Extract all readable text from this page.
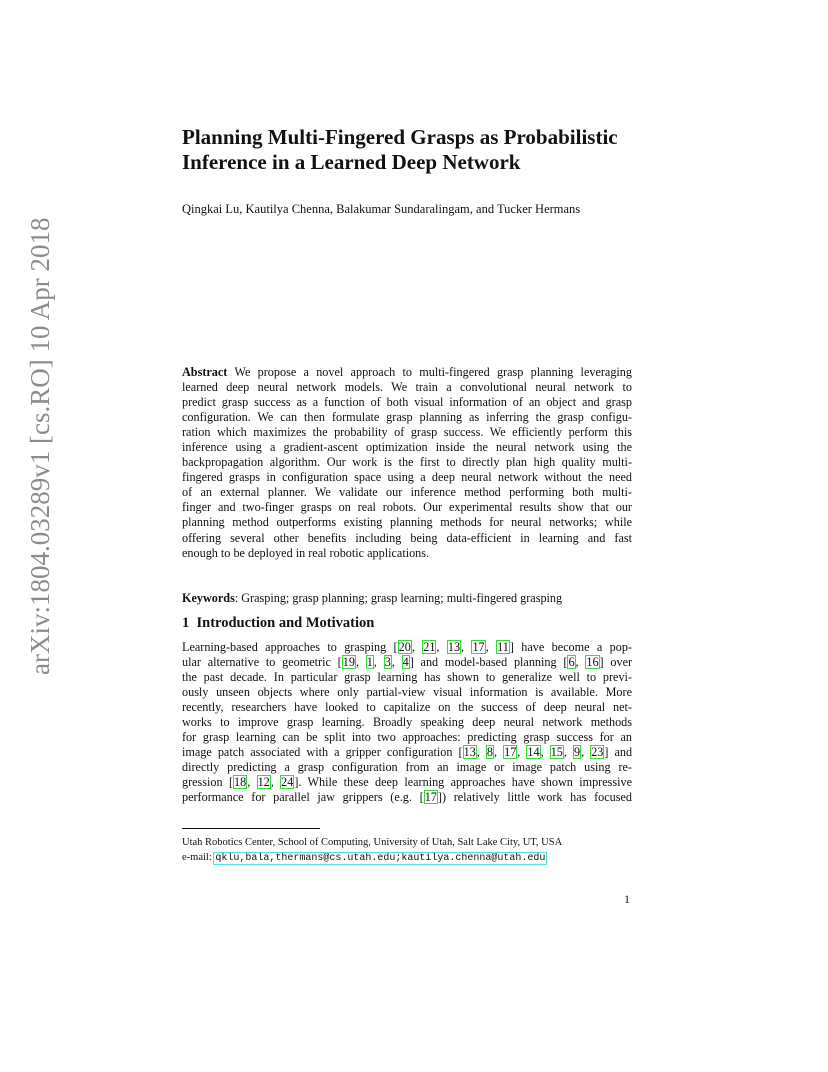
arXiv:1804.03289v1 [cs.RO] 10 Apr 2018
Planning Multi-Fingered Grasps as Probabilistic
Inference in a Learned Deep Network
Qingkai Lu, Kautilya Chenna, Balakumar Sundaralingam, and Tucker Hermans
Abstract We propose a novel approach to multi-fingered grasp planning leveraging
learned deep neural network models. We train a convolutional neural network to
predict grasp success as a function of both visual information of an object and grasp
configuration. We can then formulate grasp planning as inferring the grasp configu-
ration which maximizes the probability of grasp success. We efficiently perform this
inference using a gradient-ascent optimization inside the neural network using the
backpropagation algorithm. Our work is the first to directly plan high quality multi-
fingered grasps in configuration space using a deep neural network without the need
of an external planner. We validate our inference method performing both multi-
finger and two-finger grasps on real robots. Our experimental results show that our
planning method outperforms existing planning methods for neural networks; while
offering several other benefits including being data-efficient in learning and fast
enough to be deployed in real robotic applications.
Keywords: Grasping; grasp planning; grasp learning; multi-fingered grasping
1 Introduction and Motivation
Learning-based approaches to grasping [20, 21, 13, 17, 11] have become a pop-
ular alternative to geometric [19, 1, 3, 4] and model-based planning [6, 16] over
the past decade. In particular grasp learning has shown to generalize well to previ-
ously unseen objects where only partial-view visual information is available. More
recently, researchers have looked to capitalize on the success of deep neural net-
works to improve grasp learning. Broadly speaking deep neural network methods
for grasp learning can be split into two approaches: predicting grasp success for an
image patch associated with a gripper configuration [13, 8, 17, 14, 15, 9, 23] and
directly predicting a grasp configuration from an image or image patch using re-
gression [18, 12, 24]. While these deep learning approaches have shown impressive
performance for parallel jaw grippers (e.g. [17]) relatively little work has focused
Utah Robotics Center, School of Computing, University of Utah, Salt Lake City, UT, USA
e-mail: qklu,bala,thermans@cs.utah.edu;kautilya.chenna@utah.edu
1
